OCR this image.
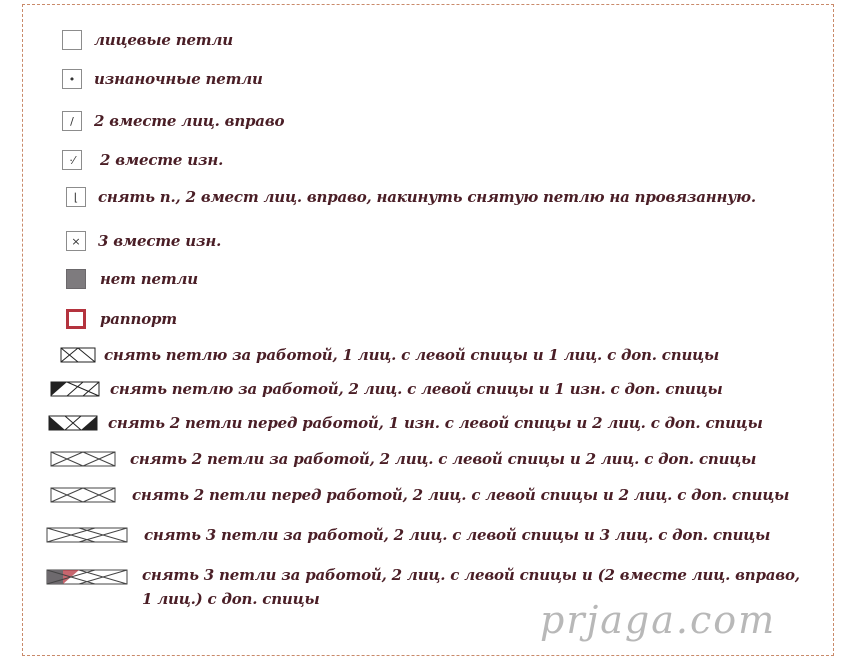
лицевые петли
•	изнаночные петли
/	2 вместе лиц. вправо
·⁄	2 вместе изн.
⌊	снять п., 2 вмест лиц. вправо, накинуть снятую петлю на провязанную.
×	3 вместе изн.
нет петли
раппорт
снять петлю за работой, 1 лиц. с левой спицы и 1 лиц. с доп. спицы
снять петлю за работой, 2 лиц. с левой спицы и 1 изн. с доп. спицы
снять 2 петли перед работой, 1 изн. с левой спицы и 2 лиц. с доп. спицы
снять 2 петли за работой, 2 лиц. с левой спицы и 2 лиц. с доп. спицы
снять 2 петли перед работой, 2 лиц. с левой спицы и 2 лиц. с доп. спицы
снять 3 петли за работой, 2 лиц. с левой спицы и 3 лиц. с доп. спицы
снять 3 петли за работой, 2 лиц. с левой спицы и (2 вместе лиц. вправо,
1 лиц.) с доп. спицы	prjaga.com
